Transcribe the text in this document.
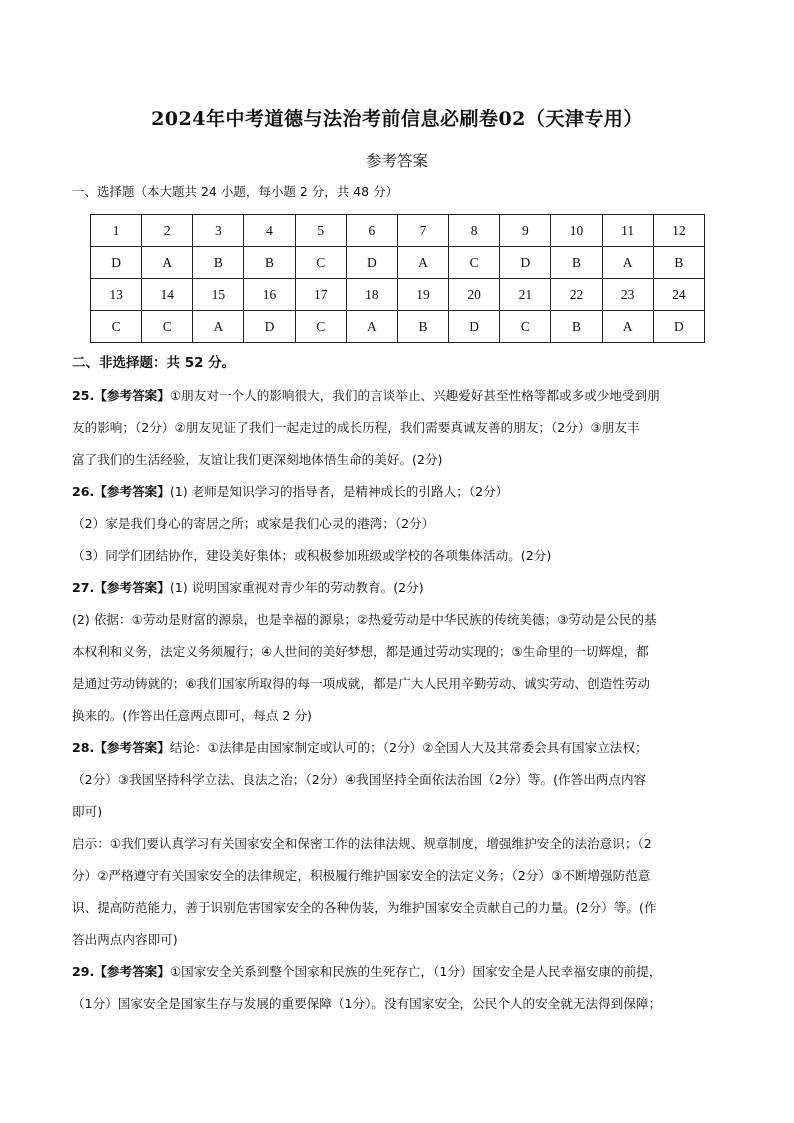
2024年中考道德与法治考前信息必刷卷02（天津专用）
参考答案
一、选择题（本大题共 24 小题，每小题 2 分，共 48 分）
1	2	3	4	5	6	7	8	9	10	11	12
D	A	B	B	C	D	A	C	D	B	A	B
13	14	15	16	17	18	19	20	21	22	23	24
C	C	A	D	C	A	B	D	C	B	A	D
二、非选择题：共 52 分。

25.【参考答案】①朋友对一个人的影响很大，我们的言谈举止、兴趣爱好甚至性格等都或多或少地受到朋

友的影响；（2分）②朋友见证了我们一起走过的成长历程，我们需要真诚友善的朋友；（2分）③朋友丰

富了我们的生活经验，友谊让我们更深刻地体悟生命的美好。(2分)

26.【参考答案】(1) 老师是知识学习的指导者，是精神成长的引路人；（2分）

（2）家是我们身心的寄居之所；或家是我们心灵的港湾；（2分）

（3）同学们团结协作，建设美好集体；或积极参加班级或学校的各项集体活动。(2分)

27.【参考答案】(1) 说明国家重视对青少年的劳动教育。(2分)

(2) 依据：①劳动是财富的源泉，也是幸福的源泉；②热爱劳动是中华民族的传统美德；③劳动是公民的基

本权利和义务，法定义务须履行；④人世间的美好梦想，都是通过劳动实现的；⑤生命里的一切辉煌，都

是通过劳动铸就的；⑥我们国家所取得的每一项成就，都是广大人民用辛勤劳动、诚实劳动、创造性劳动

换来的。(作答出任意两点即可，每点 2 分)

28.【参考答案】结论：①法律是由国家制定或认可的；（2分）②全国人大及其常委会具有国家立法权；

（2分）③我国坚持科学立法、良法之治；（2分）④我国坚持全面依法治国（2分）等。(作答出两点内容

即可)

启示：①我们要认真学习有关国家安全和保密工作的法律法规、规章制度，增强维护安全的法治意识；（2

分）②严格遵守有关国家安全的法律规定，积极履行维护国家安全的法定义务；（2分）③不断增强防范意

识、提高防范能力，善于识别危害国家安全的各种伪装，为维护国家安全贡献自己的力量。(2分）等。(作

答出两点内容即可)

29.【参考答案】①国家安全关系到整个国家和民族的生死存亡，（1分）国家安全是人民幸福安康的前提，

（1分）国家安全是国家生存与发展的重要保障（1分）。没有国家安全，公民个人的安全就无法得到保障；
